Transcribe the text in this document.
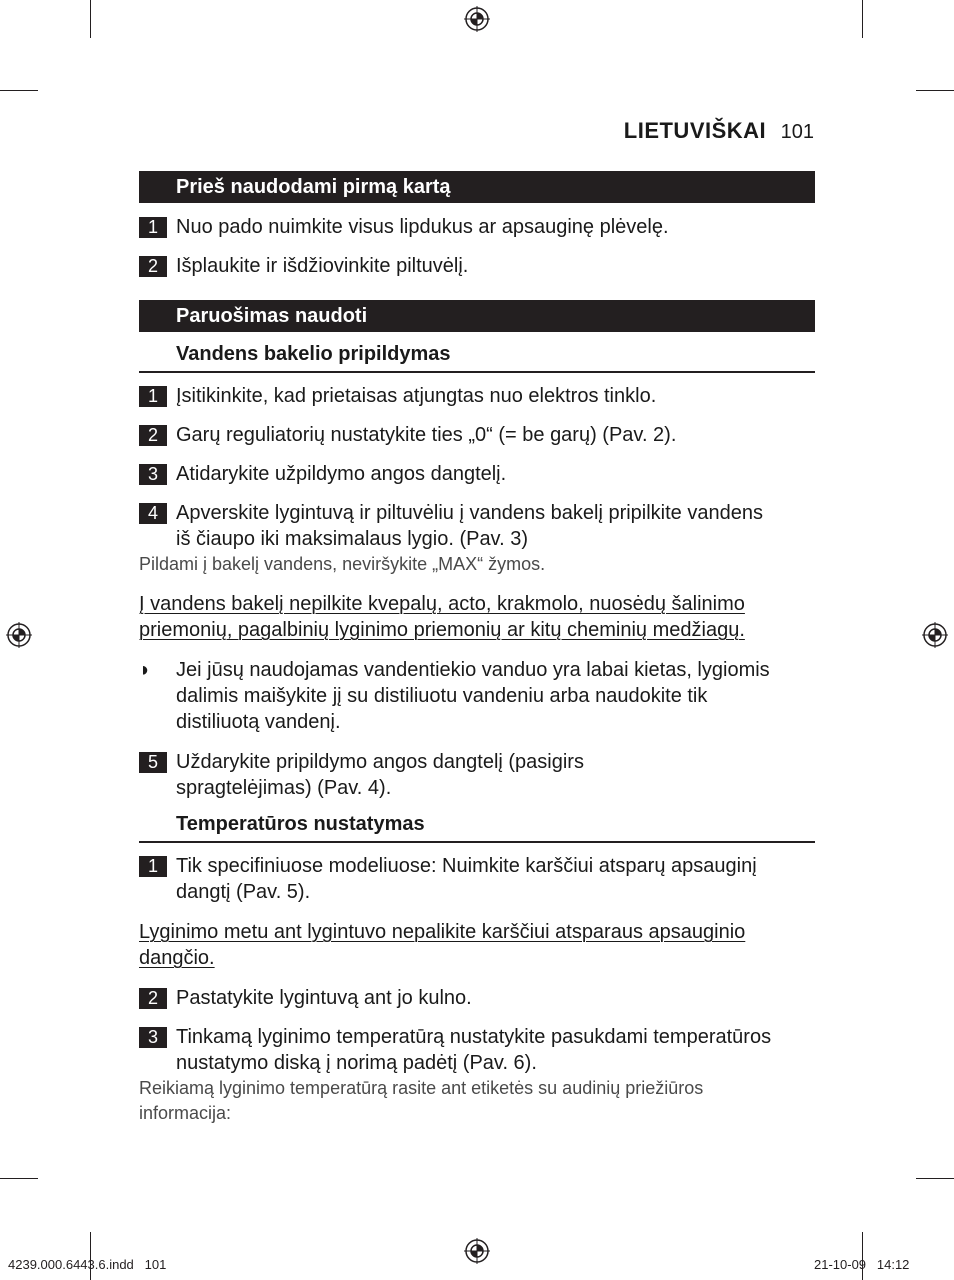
LIETUVIŠKAI 101
Prieš naudodami pirmą kartą
1 Nuo pado nuimkite visus lipdukus ar apsauginę plėvelę.
2 Išplaukite ir išdžiovinkite piltuvėlį.
Paruošimas naudoti
Vandens bakelio pripildymas
1 Įsitikinkite, kad prietaisas atjungtas nuo elektros tinklo.
2 Garų reguliatorių nustatykite ties „0“ (= be garų) (Pav. 2).
3 Atidarykite užpildymo angos dangtelį.
4 Apverskite lygintuvą ir piltuvėliu į vandens bakelį pripilkite vandens
iš čiaupo iki maksimalaus lygio. (Pav. 3)
Pildami į bakelį vandens, neviršykite „MAX“ žymos.
Į vandens bakelį nepilkite kvepalų, acto, krakmolo, nuosėdų šalinimo
priemonių, pagalbinių lyginimo priemonių ar kitų cheminių medžiagų.
◗ Jei jūsų naudojamas vandentiekio vanduo yra labai kietas, lygiomis
dalimis maišykite jį su distiliuotu vandeniu arba naudokite tik
distiliuotą vandenį.
5 Uždarykite pripildymo angos dangtelį (pasigirs
spragtelėjimas) (Pav. 4).
Temperatūros nustatymas
1 Tik specifiniuose modeliuose: Nuimkite karščiui atsparų apsauginį
dangtį (Pav. 5).
Lyginimo metu ant lygintuvo nepalikite karščiui atsparaus apsauginio
dangčio.
2 Pastatykite lygintuvą ant jo kulno.
3 Tinkamą lyginimo temperatūrą nustatykite pasukdami temperatūros
nustatymo diską į norimą padėtį (Pav. 6).
Reikiamą lyginimo temperatūrą rasite ant etiketės su audinių priežiūros
informacija:
4239.000.6443.6.indd   101	21-10-09   14:12
